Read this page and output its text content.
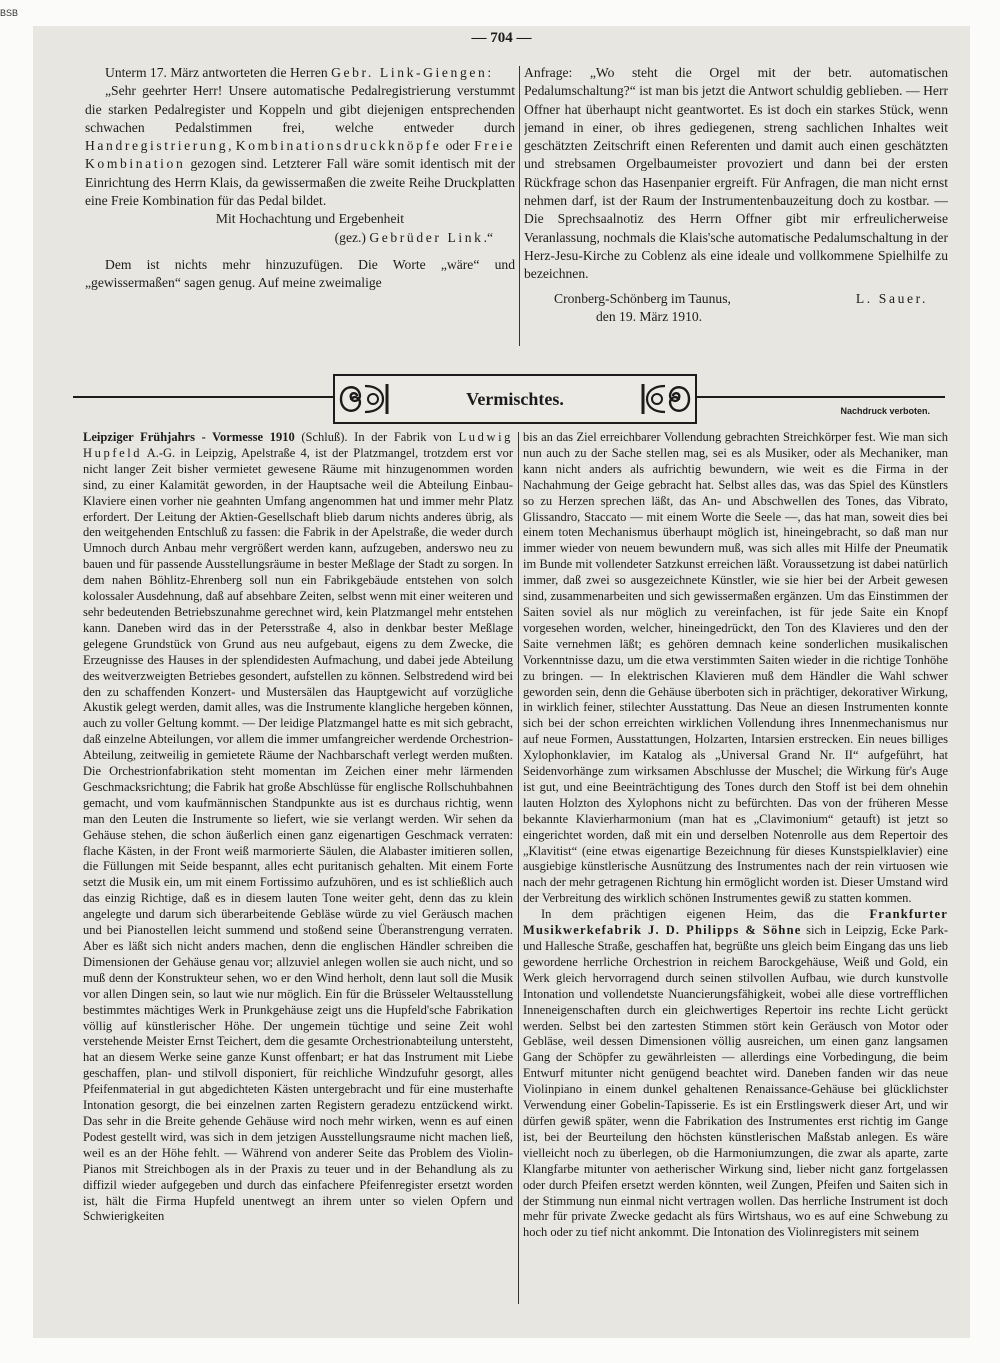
BSB
— 704 —

Unterm 17. März antworteten die Herren Gebr. Link-Giengen:

„Sehr geehrter Herr! Unsere automatische Pedalregistrierung verstummt die starken Pedalregister und Koppeln und gibt diejenigen entsprechenden schwachen Pedalstimmen frei, welche entweder durch Handregistrierung, Kombinationsdruckknöpfe oder Freie Kombination gezogen sind. Letzterer Fall wäre somit identisch mit der Einrichtung des Herrn Klais, da gewissermaßen die zweite Reihe Druckplatten eine Freie Kombination für das Pedal bildet.

Mit Hochachtung und Ergebenheit

(gez.) Gebrüder Link.“

Dem ist nichts mehr hinzuzufügen. Die Worte „wäre“ und „gewissermaßen“ sagen genug. Auf meine zweimalige

Anfrage: „Wo steht die Orgel mit der betr. automatischen Pedalumschaltung?“ ist man bis jetzt die Antwort schuldig geblieben. — Herr Offner hat überhaupt nicht geantwortet. Es ist doch ein starkes Stück, wenn jemand in einer, ob ihres gediegenen, streng sachlichen Inhaltes weit geschätzten Zeitschrift einen Referenten und damit auch einen geschätzten und strebsamen Orgelbaumeister provoziert und dann bei der ersten Rückfrage schon das Hasenpanier ergreift. Für Anfragen, die man nicht ernst nehmen darf, ist der Raum der Instrumentenbauzeitung doch zu kostbar. — Die Sprechsaalnotiz des Herrn Offner gibt mir erfreulicherweise Veranlassung, nochmals die Klais'sche automatische Pedalumschaltung in der Herz-Jesu-Kirche zu Coblenz als eine ideale und vollkommene Spielhilfe zu bezeichnen.

Cronberg-Schönberg im Taunus,	L. Sauer.

den 19. März 1910.

Vermischtes.
Nachdruck verboten.

Leipziger Frühjahrs - Vormesse 1910 (Schluß). In der Fabrik von Ludwig Hupfeld A.-G. in Leipzig, Apelstraße 4, ist der Platzmangel, trotzdem erst vor nicht langer Zeit bisher vermietet gewesene Räume mit hinzugenommen worden sind, zu einer Kalamität geworden, in der Hauptsache weil die Abteilung Einbau-Klaviere einen vorher nie geahnten Umfang angenommen hat und immer mehr Platz erfordert. Der Leitung der Aktien-Gesellschaft blieb darum nichts anderes übrig, als den weitgehenden Entschluß zu fassen: die Fabrik in der Apelstraße, die weder durch Umnoch durch Anbau mehr vergrößert werden kann, aufzugeben, anderswo neu zu bauen und für passende Ausstellungsräume in bester Meßlage der Stadt zu sorgen. In dem nahen Böhlitz-Ehrenberg soll nun ein Fabrikgebäude entstehen von solch kolossaler Ausdehnung, daß auf absehbare Zeiten, selbst wenn mit einer weiteren und sehr bedeutenden Betriebszunahme gerechnet wird, kein Platzmangel mehr entstehen kann. Daneben wird das in der Petersstraße 4, also in denkbar bester Meßlage gelegene Grundstück von Grund aus neu aufgebaut, eigens zu dem Zwecke, die Erzeugnisse des Hauses in der splendidesten Aufmachung, und dabei jede Abteilung des weitverzweigten Betriebes gesondert, aufstellen zu können. Selbstredend wird bei den zu schaffenden Konzert- und Mustersälen das Hauptgewicht auf vorzügliche Akustik gelegt werden, damit alles, was die Instrumente klangliche hergeben können, auch zu voller Geltung kommt. — Der leidige Platzmangel hatte es mit sich gebracht, daß einzelne Abteilungen, vor allem die immer umfangreicher werdende Orchestrion-Abteilung, zeitweilig in gemietete Räume der Nachbarschaft verlegt werden mußten. Die Orchestrionfabrikation steht momentan im Zeichen einer mehr lärmenden Geschmacksrichtung; die Fabrik hat große Abschlüsse für englische Rollschuhbahnen gemacht, und vom kaufmännischen Standpunkte aus ist es durchaus richtig, wenn man den Leuten die Instrumente so liefert, wie sie verlangt werden. Wir sehen da Gehäuse stehen, die schon äußerlich einen ganz eigenartigen Geschmack verraten: flache Kästen, in der Front weiß marmorierte Säulen, die Alabaster imitieren sollen, die Füllungen mit Seide bespannt, alles echt puritanisch gehalten. Mit einem Forte setzt die Musik ein, um mit einem Fortissimo aufzuhören, und es ist schließlich auch das einzig Richtige, daß es in diesem lauten Tone weiter geht, denn das zu klein angelegte und darum sich überarbeitende Gebläse würde zu viel Geräusch machen und bei Pianostellen leicht summend und stoßend seine Überanstrengung verraten. Aber es läßt sich nicht anders machen, denn die englischen Händler schreiben die Dimensionen der Gehäuse genau vor; allzuviel anlegen wollen sie auch nicht, und so muß denn der Konstrukteur sehen, wo er den Wind herholt, denn laut soll die Musik vor allen Dingen sein, so laut wie nur möglich. Ein für die Brüsseler Weltausstellung bestimmtes mächtiges Werk in Prunkgehäuse zeigt uns die Hupfeld'sche Fabrikation völlig auf künstlerischer Höhe. Der ungemein tüchtige und seine Zeit wohl verstehende Meister Ernst Teichert, dem die gesamte Orchestrionabteilung untersteht, hat an diesem Werke seine ganze Kunst offenbart; er hat das Instrument mit Liebe geschaffen, plan- und stilvoll disponiert, für reichliche Windzufuhr gesorgt, alles Pfeifenmaterial in gut abgedichteten Kästen untergebracht und für eine musterhafte Intonation gesorgt, die bei einzelnen zarten Registern geradezu entzückend wirkt. Das sehr in die Breite gehende Gehäuse wird noch mehr wirken, wenn es auf einen Podest gestellt wird, was sich in dem jetzigen Ausstellungsraume nicht machen ließ, weil es an der Höhe fehlt. — Während von anderer Seite das Problem des Violin-Pianos mit Streichbogen als in der Praxis zu teuer und in der Behandlung als zu diffizil wieder aufgegeben und durch das einfachere Pfeifenregister ersetzt worden ist, hält die Firma Hupfeld unentwegt an ihrem unter so vielen Opfern und Schwierigkeiten

bis an das Ziel erreichbarer Vollendung gebrachten Streichkörper fest. Wie man sich nun auch zu der Sache stellen mag, sei es als Musiker, oder als Mechaniker, man kann nicht anders als aufrichtig bewundern, wie weit es die Firma in der Nachahmung der Geige gebracht hat. Selbst alles das, was das Spiel des Künstlers so zu Herzen sprechen läßt, das An- und Abschwellen des Tones, das Vibrato, Glissandro, Staccato — mit einem Worte die Seele —, das hat man, soweit dies bei einem toten Mechanismus überhaupt möglich ist, hineingebracht, so daß man nur immer wieder von neuem bewundern muß, was sich alles mit Hilfe der Pneumatik im Bunde mit vollendeter Satzkunst erreichen läßt. Voraussetzung ist dabei natürlich immer, daß zwei so ausgezeichnete Künstler, wie sie hier bei der Arbeit gewesen sind, zusammenarbeiten und sich gewissermaßen ergänzen. Um das Einstimmen der Saiten soviel als nur möglich zu vereinfachen, ist für jede Saite ein Knopf vorgesehen worden, welcher, hineingedrückt, den Ton des Klavieres und den der Saite vernehmen läßt; es gehören demnach keine sonderlichen musikalischen Vorkenntnisse dazu, um die etwa verstimmten Saiten wieder in die richtige Tonhöhe zu bringen. — In elektrischen Klavieren muß dem Händler die Wahl schwer geworden sein, denn die Gehäuse überboten sich in prächtiger, dekorativer Wirkung, in wirklich feiner, stilechter Ausstattung. Das Neue an diesen Instrumenten konnte sich bei der schon erreichten wirklichen Vollendung ihres Innenmechanismus nur auf neue Formen, Ausstattungen, Holzarten, Intarsien erstrecken. Ein neues billiges Xylophonklavier, im Katalog als „Universal Grand Nr. II“ aufgeführt, hat Seidenvorhänge zum wirksamen Abschlusse der Muschel; die Wirkung für's Auge ist gut, und eine Beeinträchtigung des Tones durch den Stoff ist bei dem ohnehin lauten Holzton des Xylophons nicht zu befürchten. Das von der früheren Messe bekannte Klavierharmonium (man hat es „Clavimonium“ getauft) ist jetzt so eingerichtet worden, daß mit ein und derselben Notenrolle aus dem Repertoir des „Klavitist“ (eine etwas eigenartige Bezeichnung für dieses Kunstspielklavier) eine ausgiebige künstlerische Ausnützung des Instrumentes nach der rein virtuosen wie nach der mehr getragenen Richtung hin ermöglicht worden ist. Dieser Umstand wird der Verbreitung des wirklich schönen Instrumentes gewiß zu statten kommen.

In dem prächtigen eigenen Heim, das die Frankfurter Musikwerkefabrik J. D. Philipps & Söhne sich in Leipzig, Ecke Park- und Hallesche Straße, geschaffen hat, begrüßte uns gleich beim Eingang das uns lieb gewordene herrliche Orchestrion in reichem Barockgehäuse, Weiß und Gold, ein Werk gleich hervorragend durch seinen stilvollen Aufbau, wie durch kunstvolle Intonation und vollendetste Nuancierungsfähigkeit, wobei alle diese vortrefflichen Inneneigenschaften durch ein gleichwertiges Repertoir ins rechte Licht gerückt werden. Selbst bei den zartesten Stimmen stört kein Geräusch von Motor oder Gebläse, weil dessen Dimensionen völlig ausreichen, um einen ganz langsamen Gang der Schöpfer zu gewährleisten — allerdings eine Vorbedingung, die beim Entwurf mitunter nicht genügend beachtet wird. Daneben fanden wir das neue Violinpiano in einem dunkel gehaltenen Renaissance-Gehäuse bei glücklichster Verwendung einer Gobelin-Tapisserie. Es ist ein Erstlingswerk dieser Art, und wir dürfen gewiß später, wenn die Fabrikation des Instrumentes erst richtig im Gange ist, bei der Beurteilung den höchsten künstlerischen Maßstab anlegen. Es wäre vielleicht noch zu überlegen, ob die Harmoniumzungen, die zwar als aparte, zarte Klangfarbe mitunter von aetherischer Wirkung sind, lieber nicht ganz fortgelassen oder durch Pfeifen ersetzt werden könnten, weil Zungen, Pfeifen und Saiten sich in der Stimmung nun einmal nicht vertragen wollen. Das herrliche Instrument ist doch mehr für private Zwecke gedacht als fürs Wirtshaus, wo es auf eine Schwebung zu hoch oder zu tief nicht ankommt. Die Intonation des Violinregisters mit seinem
